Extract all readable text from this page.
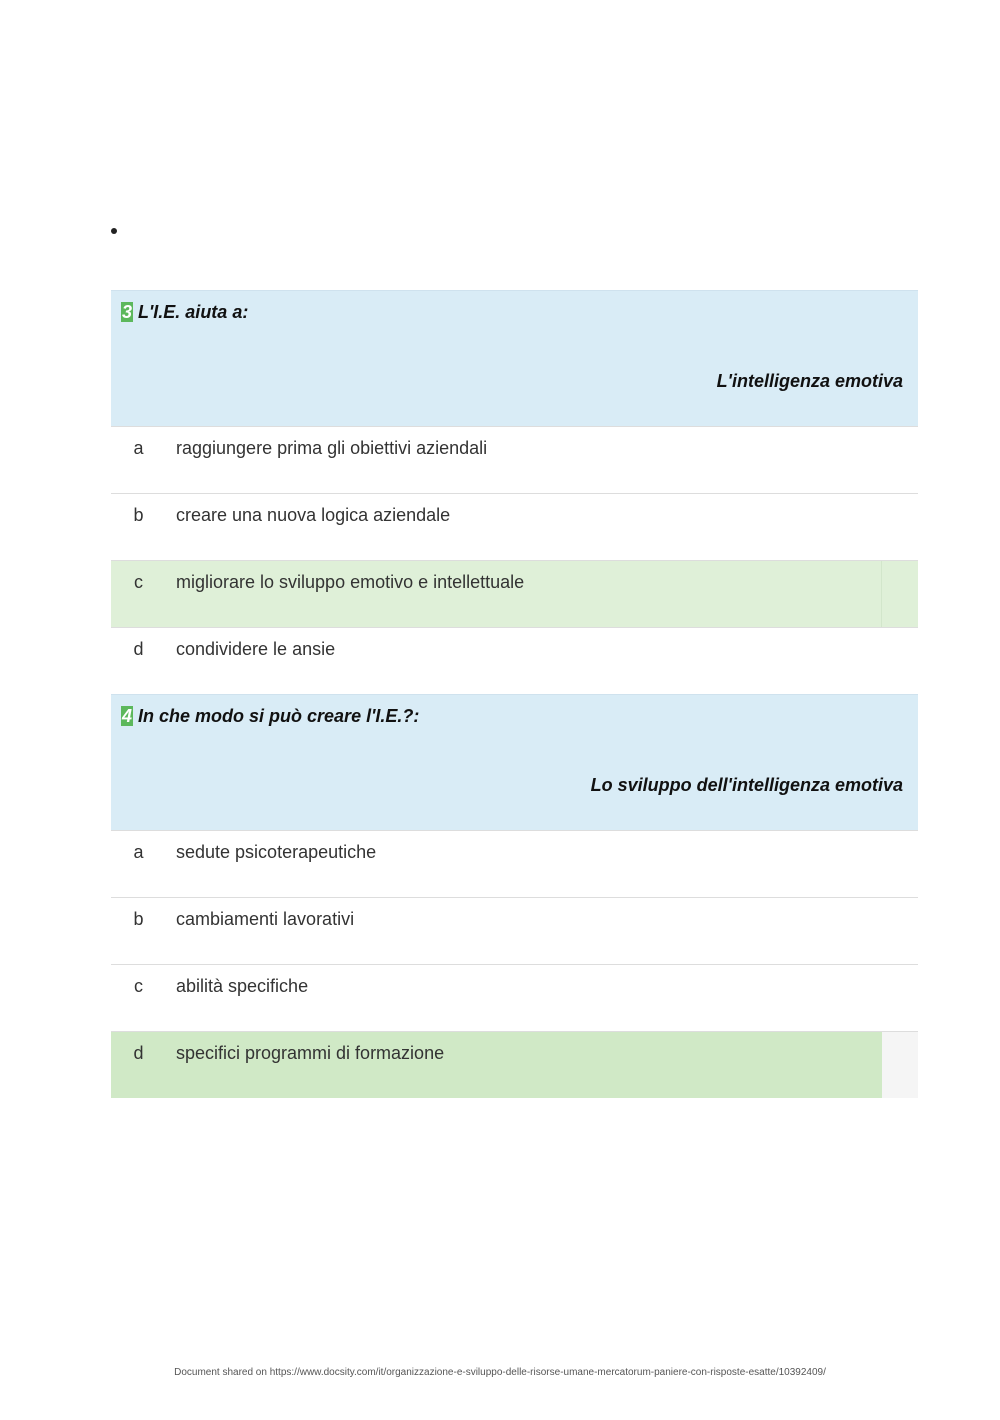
3 L'I.E. aiuta a:
L'intelligenza emotiva
a	raggiungere prima gli obiettivi aziendali
b	creare una nuova logica aziendale
c	migliorare lo sviluppo emotivo e intellettuale
d	condividere le ansie
4 In che modo si può creare l'I.E.?:
Lo sviluppo dell'intelligenza emotiva
a	sedute psicoterapeutiche
b	cambiamenti lavorativi
c	abilità specifiche
d	specifici programmi di formazione
Document shared on https://www.docsity.com/it/organizzazione-e-sviluppo-delle-risorse-umane-mercatorum-paniere-con-risposte-esatte/10392409/
